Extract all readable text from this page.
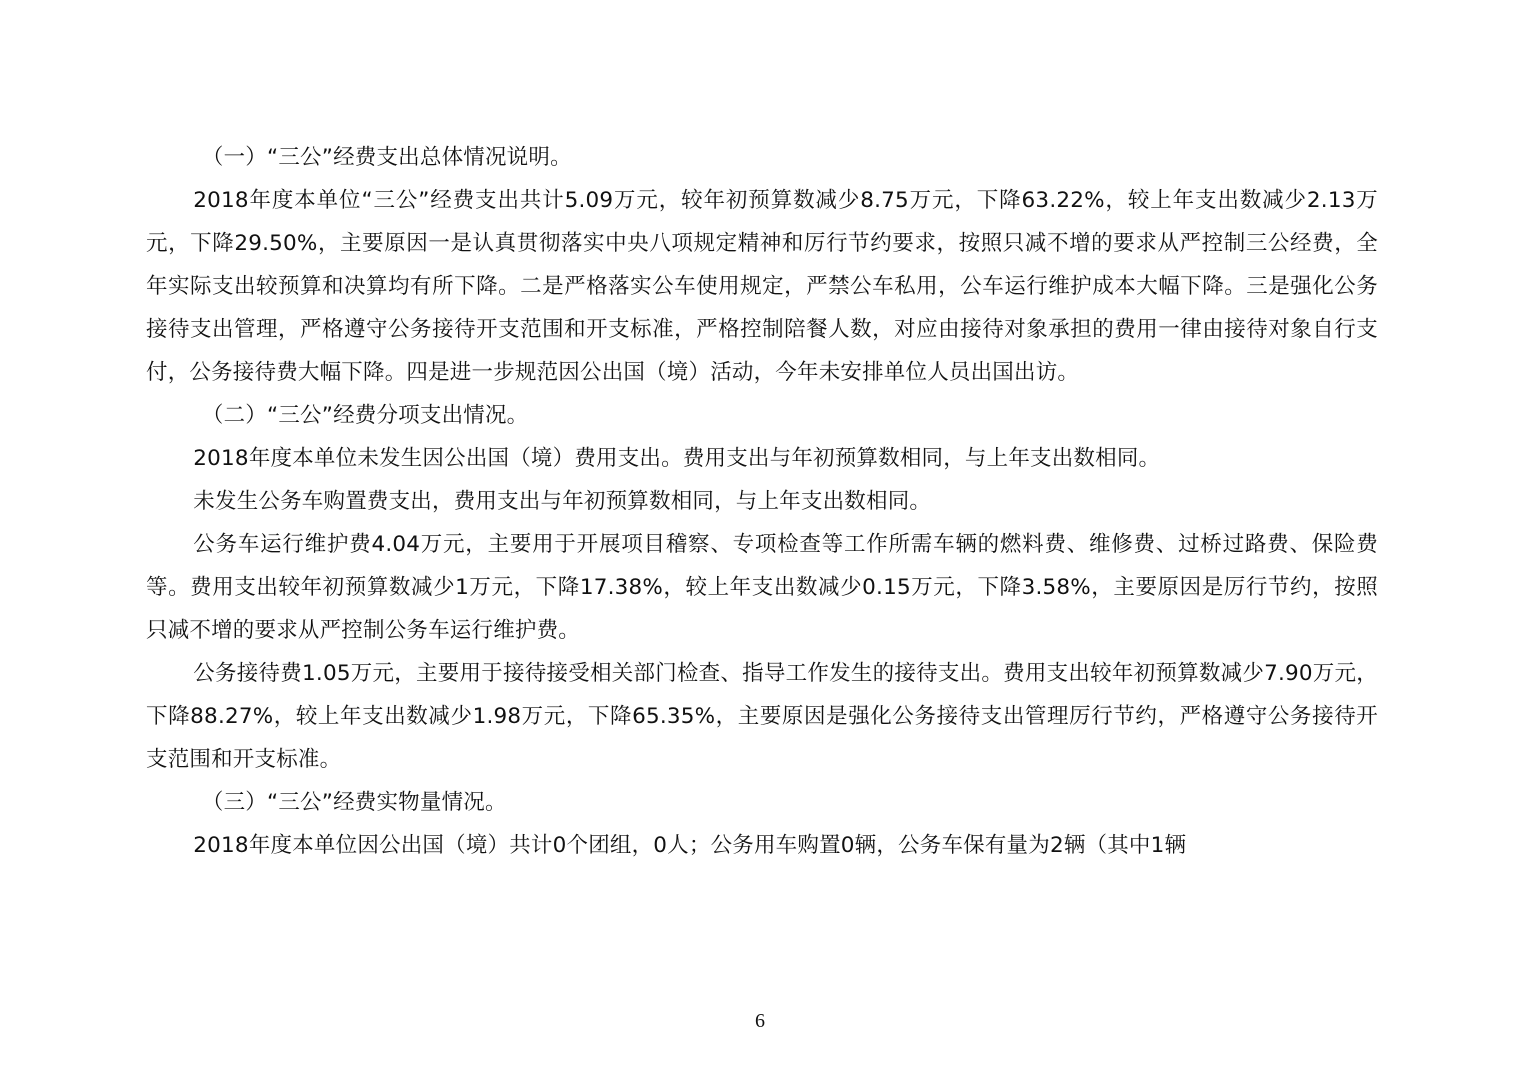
（一）“三公”经费支出总体情况说明。

2018年度本单位“三公”经费支出共计5.09万元，较年初预算数减少8.75万元，下降63.22%，较上年支出数减少2.13万元，下降29.50%，主要原因一是认真贯彻落实中央八项规定精神和厉行节约要求，按照只减不增的要求从严控制三公经费，全年实际支出较预算和决算均有所下降。二是严格落实公车使用规定，严禁公车私用，公车运行维护成本大幅下降。三是强化公务接待支出管理，严格遵守公务接待开支范围和开支标准，严格控制陪餐人数，对应由接待对象承担的费用一律由接待对象自行支付，公务接待费大幅下降。四是进一步规范因公出国（境）活动，今年未安排单位人员出国出访。

（二）“三公”经费分项支出情况。

2018年度本单位未发生因公出国（境）费用支出。费用支出与年初预算数相同，与上年支出数相同。

未发生公务车购置费支出，费用支出与年初预算数相同，与上年支出数相同。

公务车运行维护费4.04万元，主要用于开展项目稽察、专项检查等工作所需车辆的燃料费、维修费、过桥过路费、保险费等。费用支出较年初预算数减少1万元，下降17.38%，较上年支出数减少0.15万元，下降3.58%，主要原因是厉行节约，按照只减不增的要求从严控制公务车运行维护费。

公务接待费1.05万元，主要用于接待接受相关部门检查、指导工作发生的接待支出。费用支出较年初预算数减少7.90万元，下降88.27%，较上年支出数减少1.98万元，下降65.35%，主要原因是强化公务接待支出管理厉行节约，严格遵守公务接待开支范围和开支标准。

（三）“三公”经费实物量情况。

2018年度本单位因公出国（境）共计0个团组，0人；公务用车购置0辆，公务车保有量为2辆（其中1辆

6
